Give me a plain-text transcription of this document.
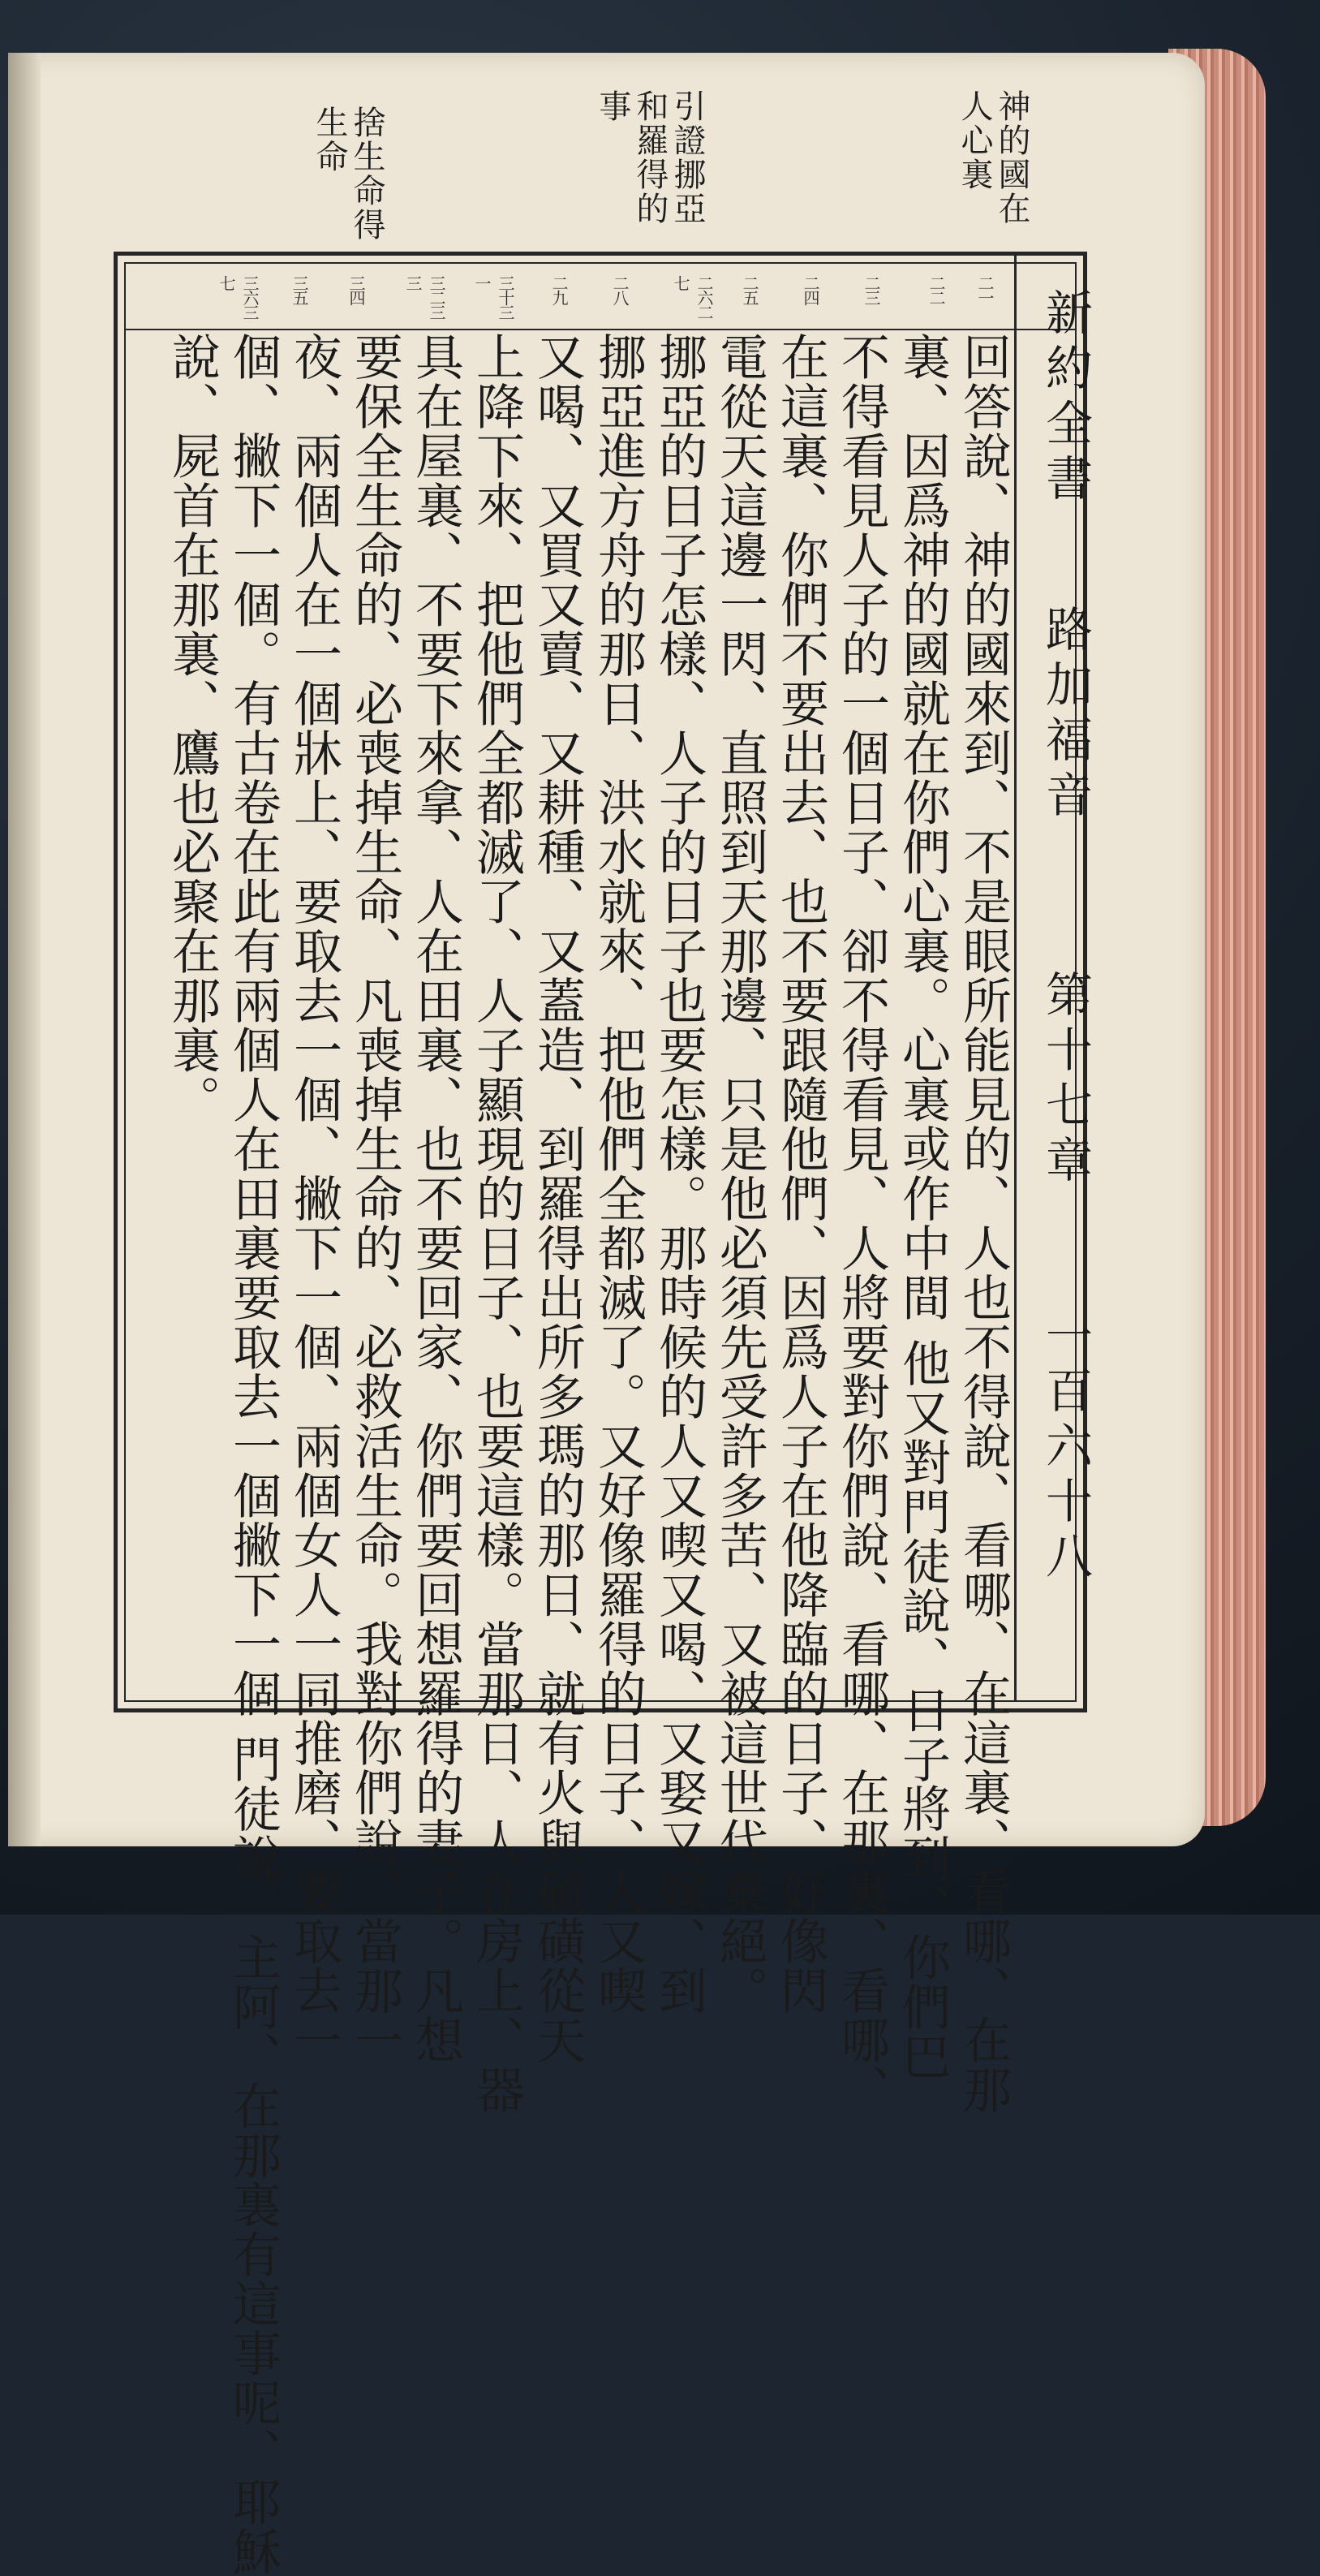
神的國在人心裏
引證挪亞和羅得的事
捨生命得生命
二一
二二
二三
二四
二五
二六二七
二八
二九
三十三一
三二三三
三四
三五
三六三七
新約全書
路加福音
第十七章
一百六十八
回答說、神的國來到、不是眼所能見的、人也不得說、看哪、在這裏、看哪、在那
裏、因爲神的國就在你們心裏。心裏或作中間 他又對門徒說、日子將到、你們巴
不得看見人子的一個日子、卻不得看見、人將要對你們說、看哪、在那裏、看哪、
在這裏、你們不要出去、也不要跟隨他們、因爲人子在他降臨的日子、好像閃
電從天這邊一閃、直照到天那邊、只是他必須先受許多苦、又被這世代棄絕。
挪亞的日子怎樣、人子的日子也要怎樣。那時候的人又喫又喝、又娶又嫁、到
挪亞進方舟的那日、洪水就來、把他們全都滅了。又好像羅得的日子、人又喫
又喝、又買又賣、又耕種、又蓋造、到羅得出所多瑪的那日、就有火與硫磺從天
上降下來、把他們全都滅了、人子顯現的日子、也要這樣。當那日、人在房上、器
具在屋裏、不要下來拿、人在田裏、也不要回家、你們要回想羅得的妻子。凡想
要保全生命的、必喪掉生命、凡喪掉生命的、必救活生命。我對你們說、當那一
夜、兩個人在一個牀上、要取去一個、撇下一個、兩個女人一同推磨、要取去一
個、撇下一個。有古卷在此有兩個人在田裏要取去一個撇下一個 門徒說、主阿、在那裏有這事呢、耶穌
說、屍首在那裏、鷹也必聚在那裏。
